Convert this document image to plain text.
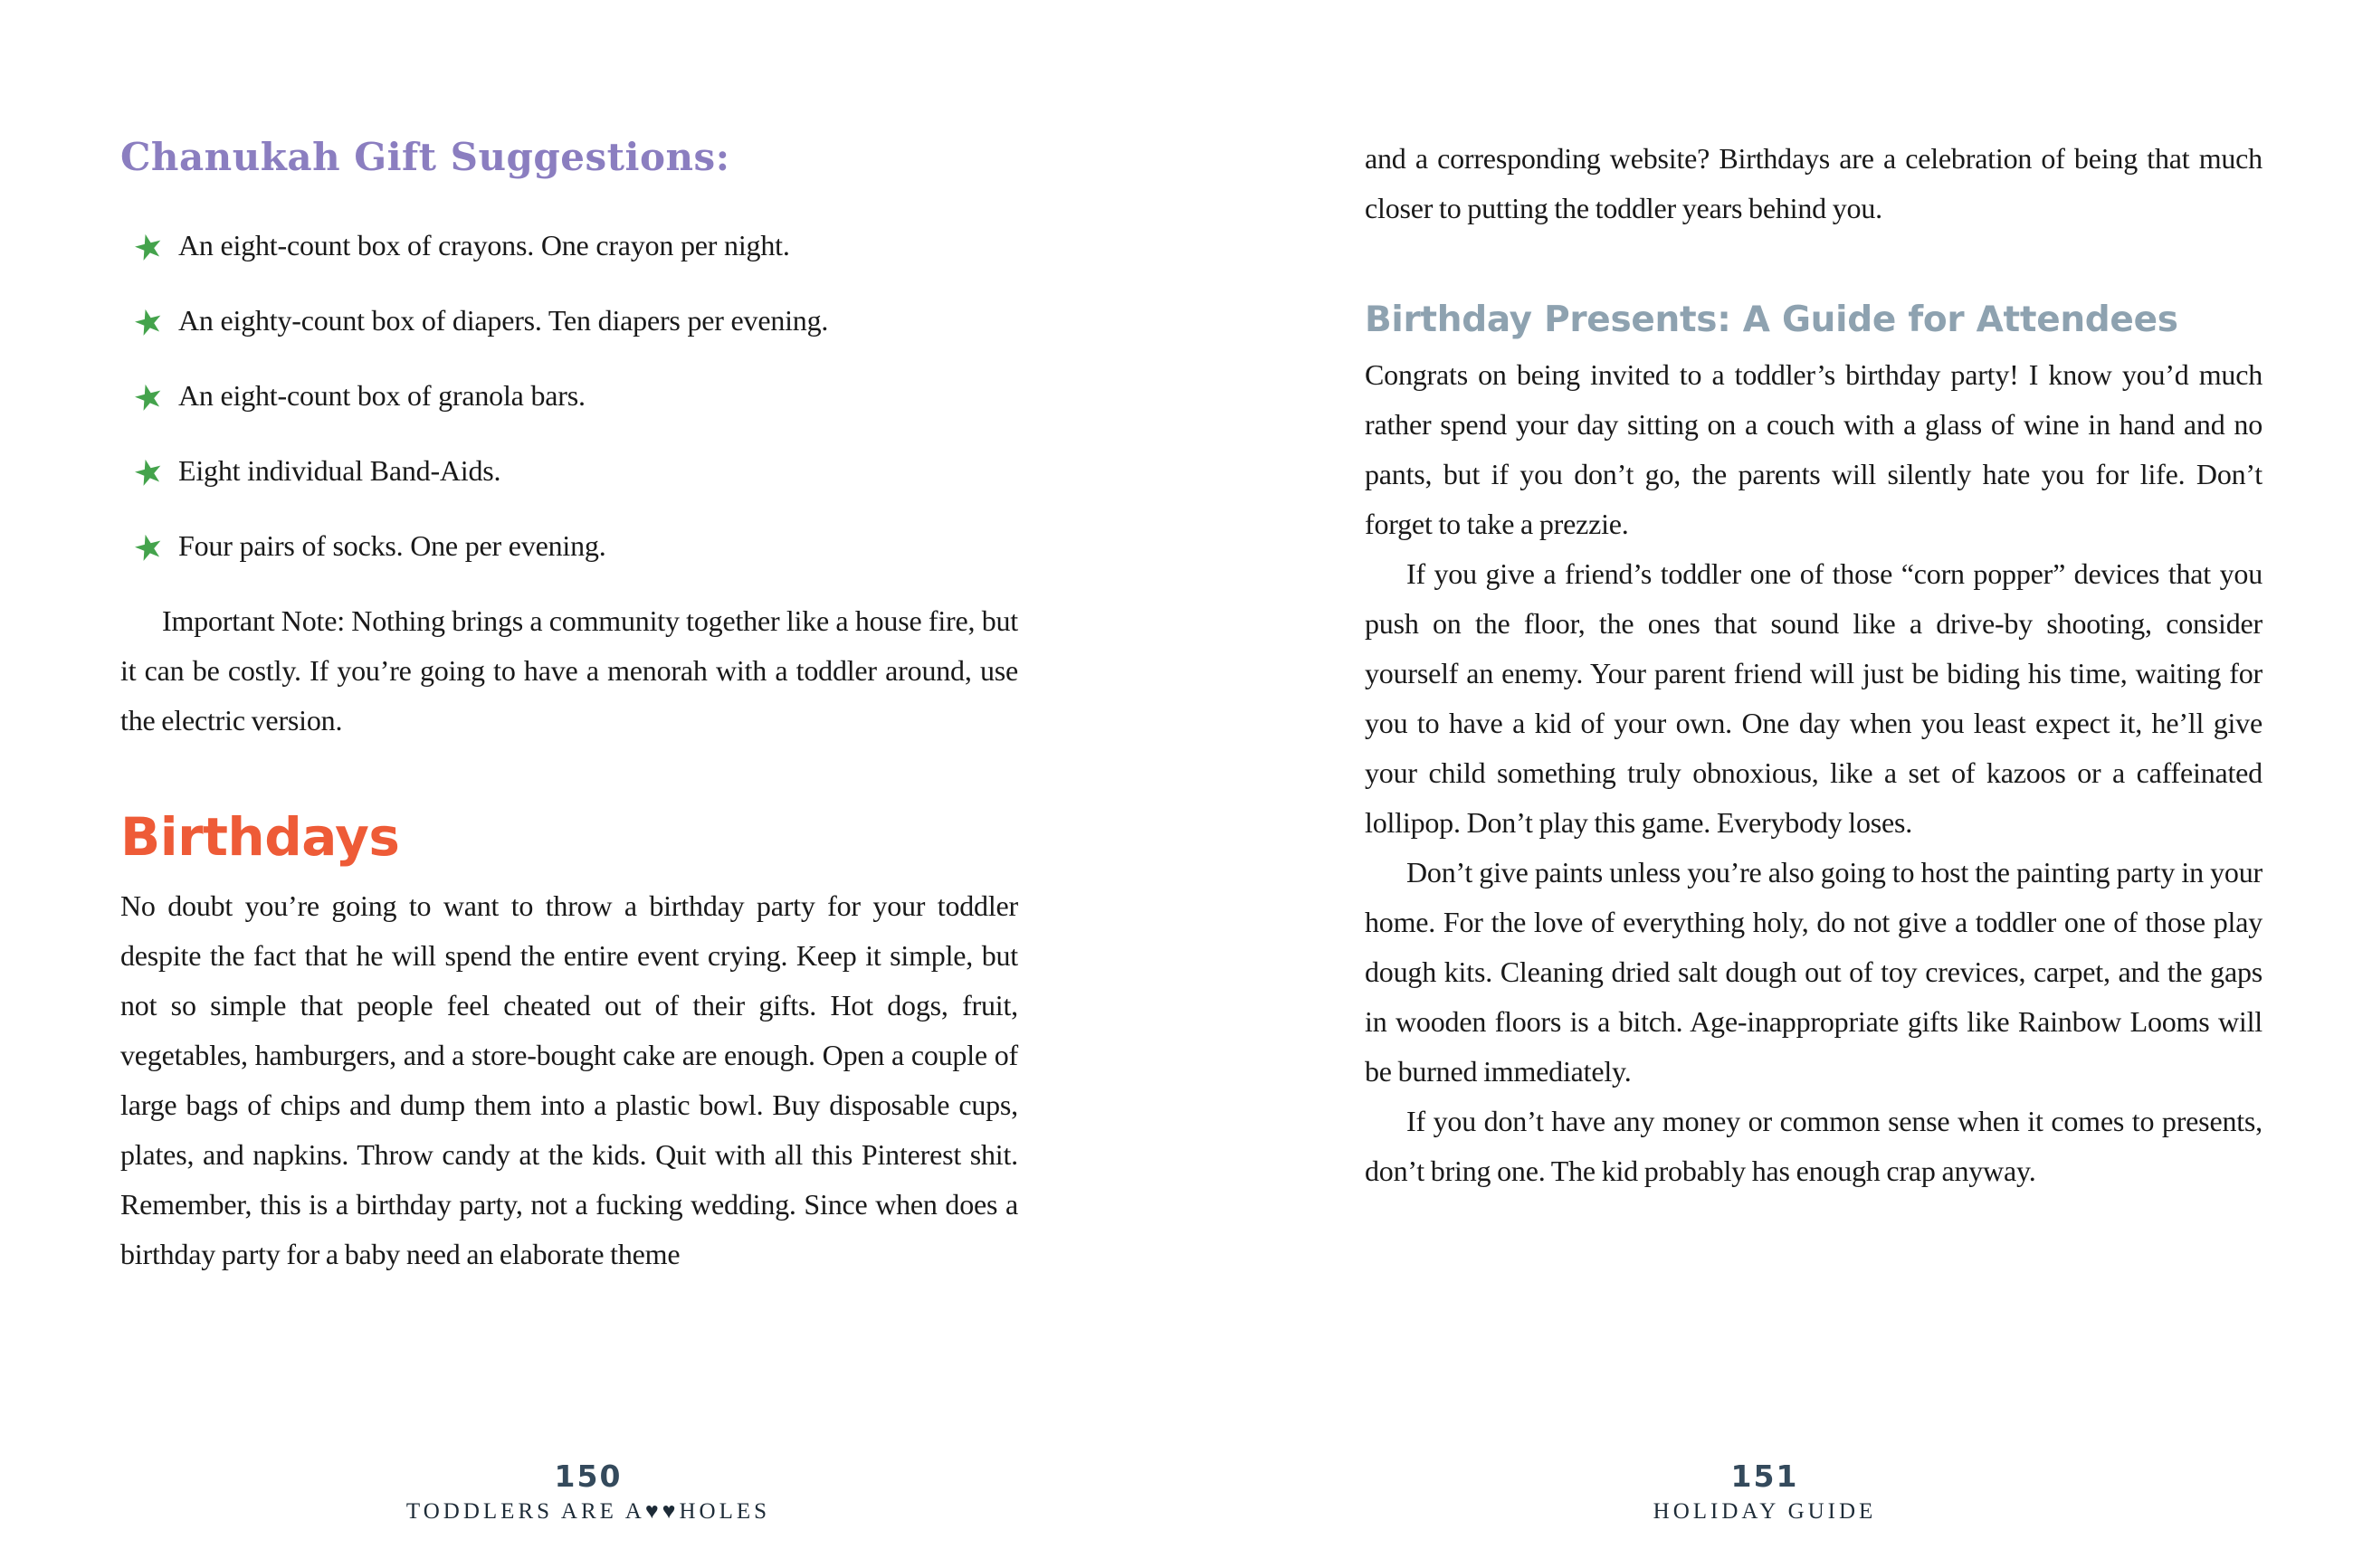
Chanukah Gift Suggestions:
★ An eight-count box of crayons. One crayon per night.
★ An eighty-count box of diapers. Ten diapers per evening.
★ An eight-count box of granola bars.
★ Eight individual Band-Aids.
★ Four pairs of socks. One per evening.

Important Note: Nothing brings a community together like a house fire, but it can be costly. If you’re going to have a menorah with a toddler around, use the electric version.

Birthdays

No doubt you’re going to want to throw a birthday party for your toddler despite the fact that he will spend the entire event crying. Keep it simple, but not so simple that people feel cheated out of their gifts. Hot dogs, fruit, vegetables, hamburgers, and a store-bought cake are enough. Open a couple of large bags of chips and dump them into a plastic bowl. Buy disposable cups, plates, and napkins. Throw candy at the kids. Quit with all this Pinterest shit. Remember, this is a birthday party, not a fucking wedding. Since when does a birthday party for a baby need an elaborate theme

and a corresponding website? Birthdays are a celebration of being that much closer to putting the toddler years behind you.

Birthday Presents: A Guide for Attendees

Congrats on being invited to a toddler’s birthday party! I know you’d much rather spend your day sitting on a couch with a glass of wine in hand and no pants, but if you don’t go, the parents will silently hate you for life. Don’t forget to take a prezzie.

If you give a friend’s toddler one of those “corn popper” devices that you push on the floor, the ones that sound like a drive-by shooting, consider yourself an enemy. Your parent friend will just be biding his time, waiting for you to have a kid of your own. One day when you least expect it, he’ll give your child something truly obnoxious, like a set of kazoos or a caffeinated lollipop. Don’t play this game. Everybody loses.

Don’t give paints unless you’re also going to host the painting party in your home. For the love of everything holy, do not give a toddler one of those play dough kits. Cleaning dried salt dough out of toy crevices, carpet, and the gaps in wooden floors is a bitch. Age-inappropriate gifts like Rainbow Looms will be burned immediately.

If you don’t have any money or common sense when it comes to presents, don’t bring one. The kid probably has enough crap anyway.

150
TODDLERS ARE A♥♥HOLES
151
HOLIDAY GUIDE
